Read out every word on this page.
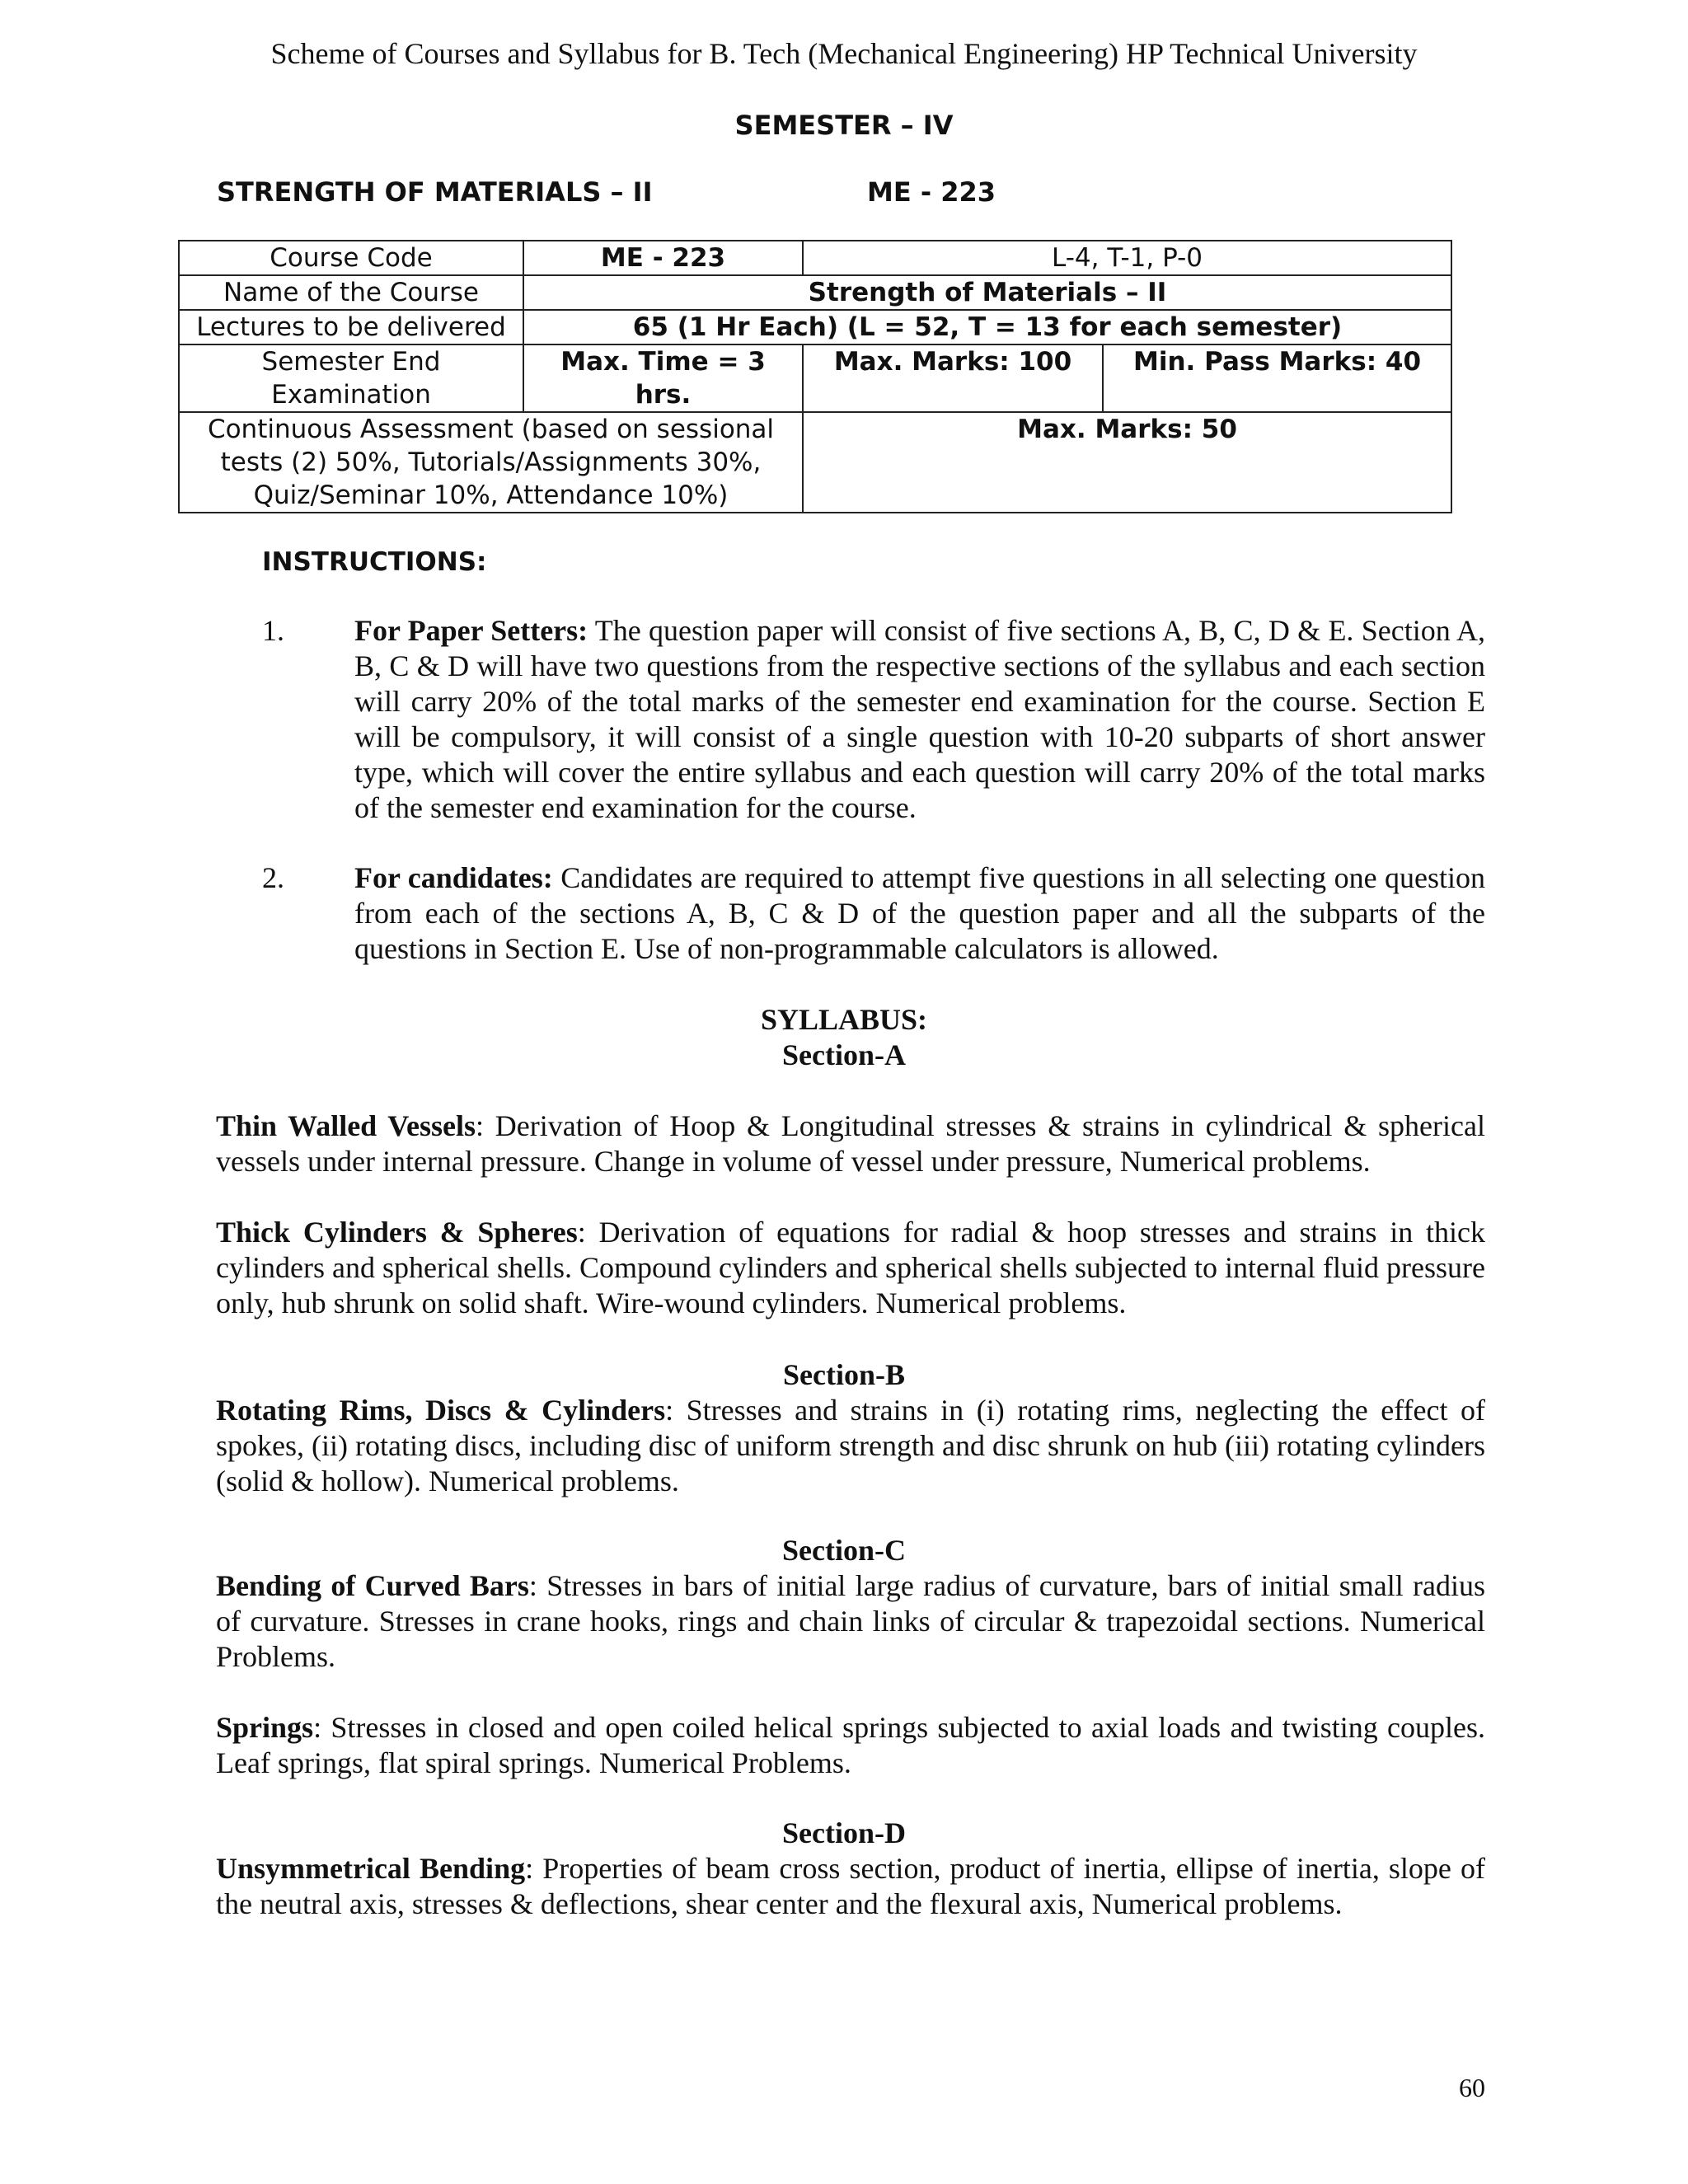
Scheme of Courses and Syllabus for B. Tech (Mechanical Engineering) HP Technical University
SEMESTER – IV
STRENGTH OF MATERIALS – II	ME - 223
Course Code	ME - 223	L-4, T-1, P-0	
Name of the Course	Strength of Materials – II		
Lectures to be delivered	65 (1 Hr Each) (L = 52, T = 13 for each semester)		
Semester End Examination	Max. Time = 3 hrs.	Max. Marks: 100	Min. Pass Marks: 40
Continuous Assessment (based on sessional tests (2) 50%, Tutorials/Assignments 30%, Quiz/Seminar 10%, Attendance 10%)		Max. Marks: 50	
INSTRUCTIONS:
1. For Paper Setters: The question paper will consist of five sections A, B, C, D & E. Section A, B, C & D will have two questions from the respective sections of the syllabus and each section will carry 20% of the total marks of the semester end examination for the course. Section E will be compulsory, it will consist of a single question with 10-20 subparts of short answer type, which will cover the entire syllabus and each question will carry 20% of the total marks of the semester end examination for the course.
2. For candidates: Candidates are required to attempt five questions in all selecting one question from each of the sections A, B, C & D of the question paper and all the subparts of the questions in Section E. Use of non-programmable calculators is allowed.
SYLLABUS:
Section-A
Thin Walled Vessels: Derivation of Hoop & Longitudinal stresses & strains in cylindrical & spherical vessels under internal pressure. Change in volume of vessel under pressure, Numerical problems.
Thick Cylinders & Spheres: Derivation of equations for radial & hoop stresses and strains in thick cylinders and spherical shells. Compound cylinders and spherical shells subjected to internal fluid pressure only, hub shrunk on solid shaft. Wire-wound cylinders. Numerical problems.
Section-B
Rotating Rims, Discs & Cylinders: Stresses and strains in (i) rotating rims, neglecting the effect of spokes, (ii) rotating discs, including disc of uniform strength and disc shrunk on hub (iii) rotating cylinders (solid & hollow). Numerical problems.
Section-C
Bending of Curved Bars: Stresses in bars of initial large radius of curvature, bars of initial small radius of curvature. Stresses in crane hooks, rings and chain links of circular & trapezoidal sections. Numerical Problems.
Springs: Stresses in closed and open coiled helical springs subjected to axial loads and twisting couples. Leaf springs, flat spiral springs. Numerical Problems.
Section-D
Unsymmetrical Bending: Properties of beam cross section, product of inertia, ellipse of inertia, slope of the neutral axis, stresses & deflections, shear center and the flexural axis, Numerical problems.
60
